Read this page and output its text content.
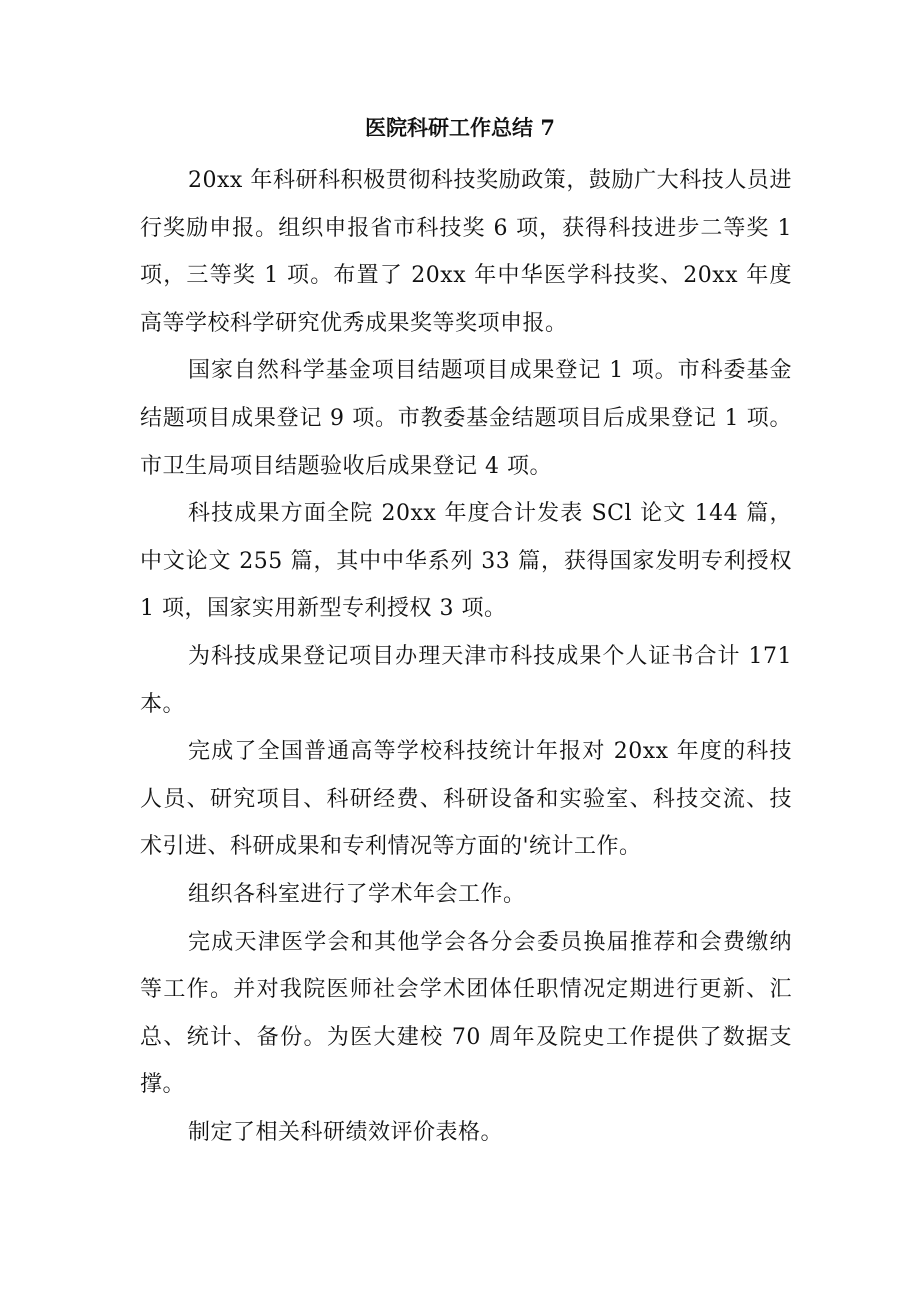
医院科研工作总结 7

20xx 年科研科积极贯彻科技奖励政策，鼓励广大科技人员进行奖励申报。组织申报省市科技奖 6 项，获得科技进步二等奖 1 项，三等奖 1 项。布置了 20xx 年中华医学科技奖、20xx 年度高等学校科学研究优秀成果奖等奖项申报。

国家自然科学基金项目结题项目成果登记 1 项。市科委基金结题项目成果登记 9 项。市教委基金结题项目后成果登记 1 项。市卫生局项目结题验收后成果登记 4 项。

科技成果方面全院 20xx 年度合计发表 SCl 论文 144 篇，中文论文 255 篇，其中中华系列 33 篇，获得国家发明专利授权 1 项，国家实用新型专利授权 3 项。

为科技成果登记项目办理天津市科技成果个人证书合计 171 本。

完成了全国普通高等学校科技统计年报对 20xx 年度的科技人员、研究项目、科研经费、科研设备和实验室、科技交流、技术引进、科研成果和专利情况等方面的'统计工作。

组织各科室进行了学术年会工作。

完成天津医学会和其他学会各分会委员换届推荐和会费缴纳等工作。并对我院医师社会学术团体任职情况定期进行更新、汇总、统计、备份。为医大建校 70 周年及院史工作提供了数据支撑。

制定了相关科研绩效评价表格。
